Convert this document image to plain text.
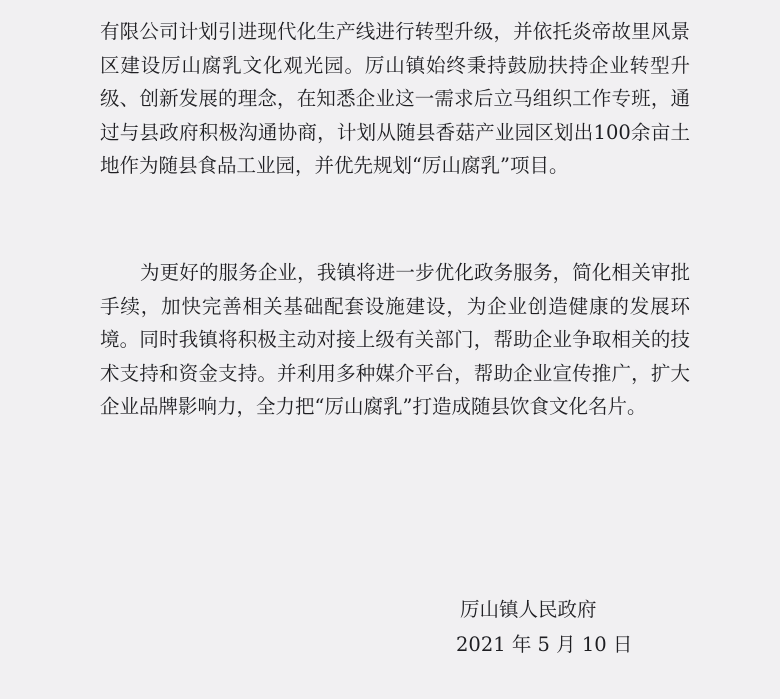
有限公司计划引进现代化生产线进行转型升级，并依托炎帝故里风景区建设厉山腐乳文化观光园。厉山镇始终秉持鼓励扶持企业转型升级、创新发展的理念，在知悉企业这一需求后立马组织工作专班，通过与县政府积极沟通协商，计划从随县香菇产业园区划出100余亩土地作为随县食品工业园，并优先规划“厉山腐乳”项目。

为更好的服务企业，我镇将进一步优化政务服务，简化相关审批手续，加快完善相关基础配套设施建设，为企业创造健康的发展环境。同时我镇将积极主动对接上级有关部门，帮助企业争取相关的技术支持和资金支持。并利用多种媒介平台，帮助企业宣传推广，扩大企业品牌影响力，全力把“厉山腐乳”打造成随县饮食文化名片。

厉山镇人民政府
2021 年 5 月 10 日
